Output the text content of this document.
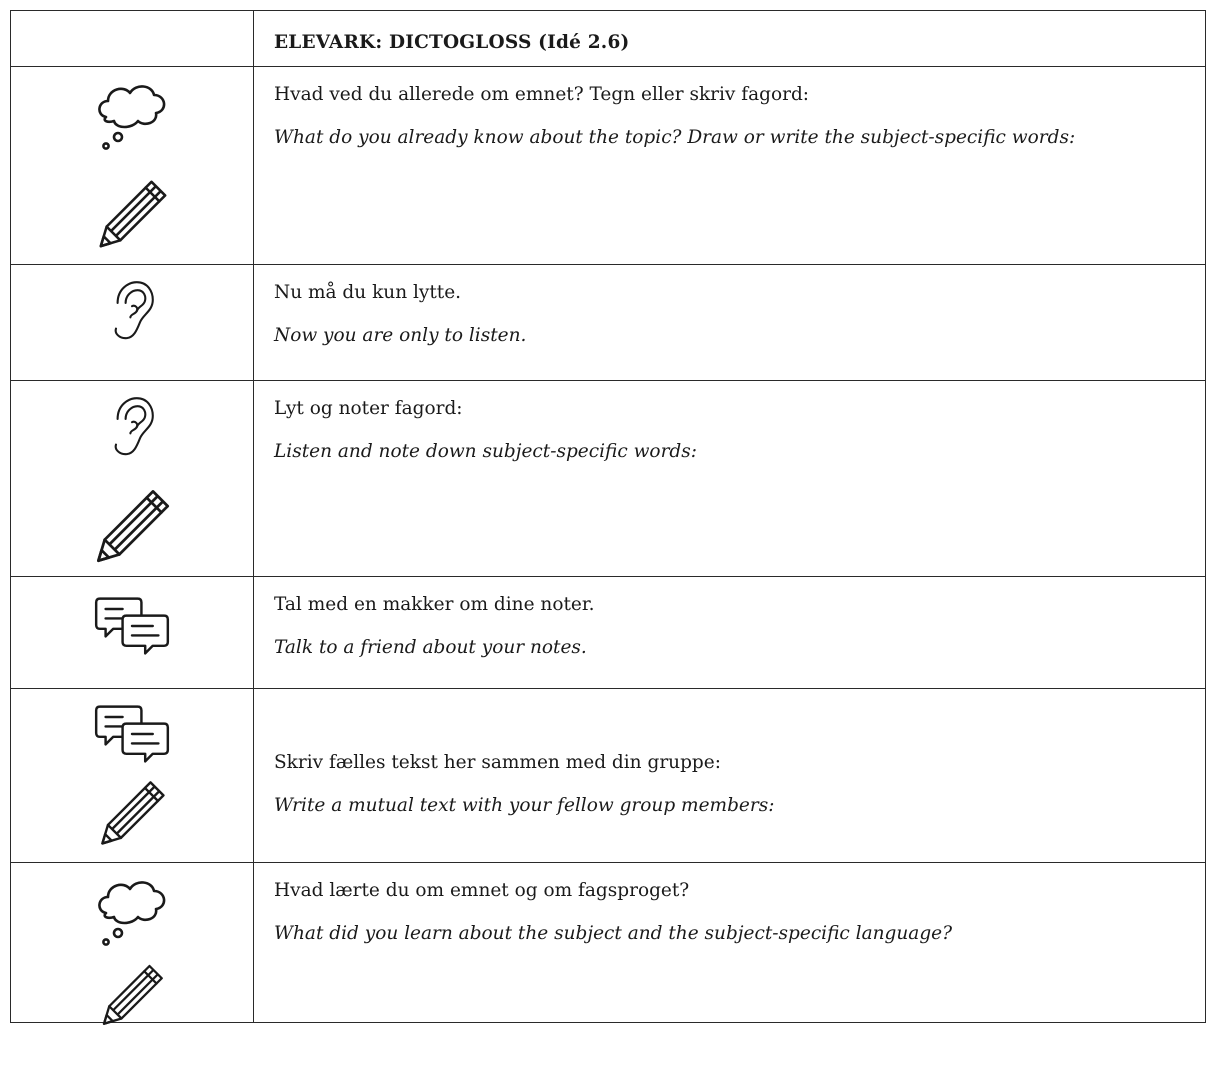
	ELEVARK: DICTOGLOSS (Idé 2.6)

Hvad ved du allerede om emnet? Tegn eller skriv fagord:

What do you already know about the topic? Draw or write the subject-specific words:

Nu må du kun lytte.

Now you are only to listen.

Lyt og noter fagord:

Listen and note down subject-specific words:

Tal med en makker om dine noter.

Talk to a friend about your notes.

Skriv fælles tekst her sammen med din gruppe:

Write a mutual text with your fellow group members:

Hvad lærte du om emnet og om fagsproget?

What did you learn about the subject and the subject-specific language?
